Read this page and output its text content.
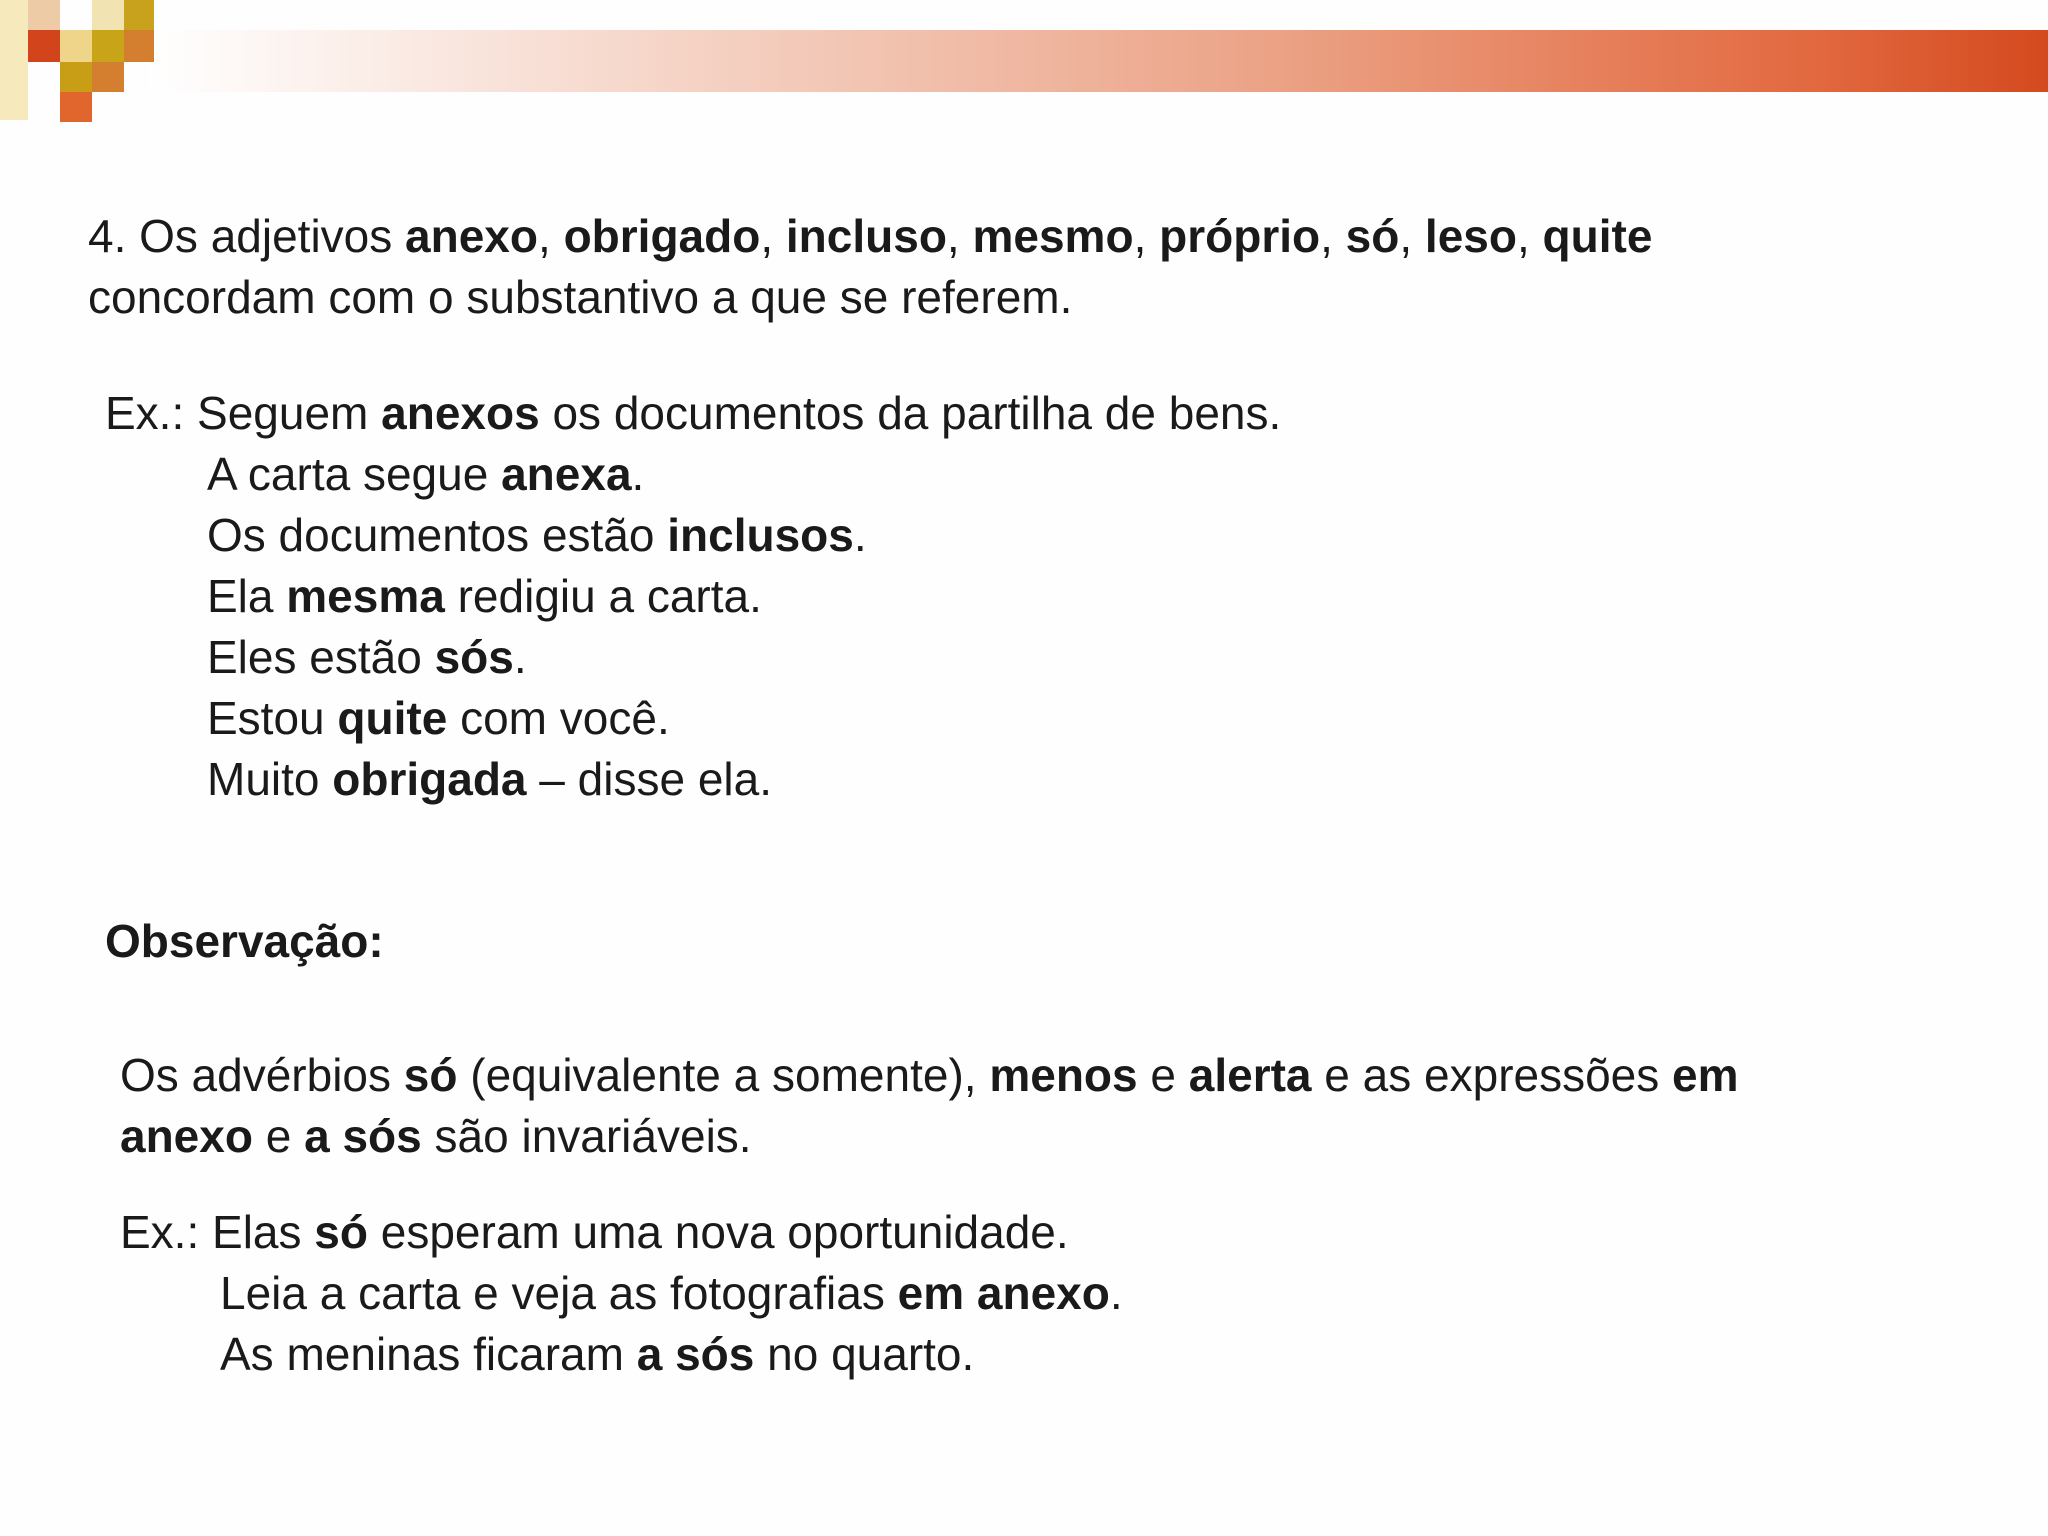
4. Os adjetivos anexo, obrigado, incluso, mesmo, próprio, só, leso, quite
concordam com o substantivo a que se referem.
Ex.: Seguem anexos os documentos da partilha de bens.
A carta segue anexa.
Os documentos estão inclusos.
Ela mesma redigiu a carta.
Eles estão sós.
Estou quite com você.
Muito obrigada – disse ela.
Observação:
Os advérbios só (equivalente a somente), menos e alerta e as expressões em
anexo e a sós são invariáveis.
Ex.: Elas só esperam uma nova oportunidade.
Leia a carta e veja as fotografias em anexo.
As meninas ficaram a sós no quarto.
